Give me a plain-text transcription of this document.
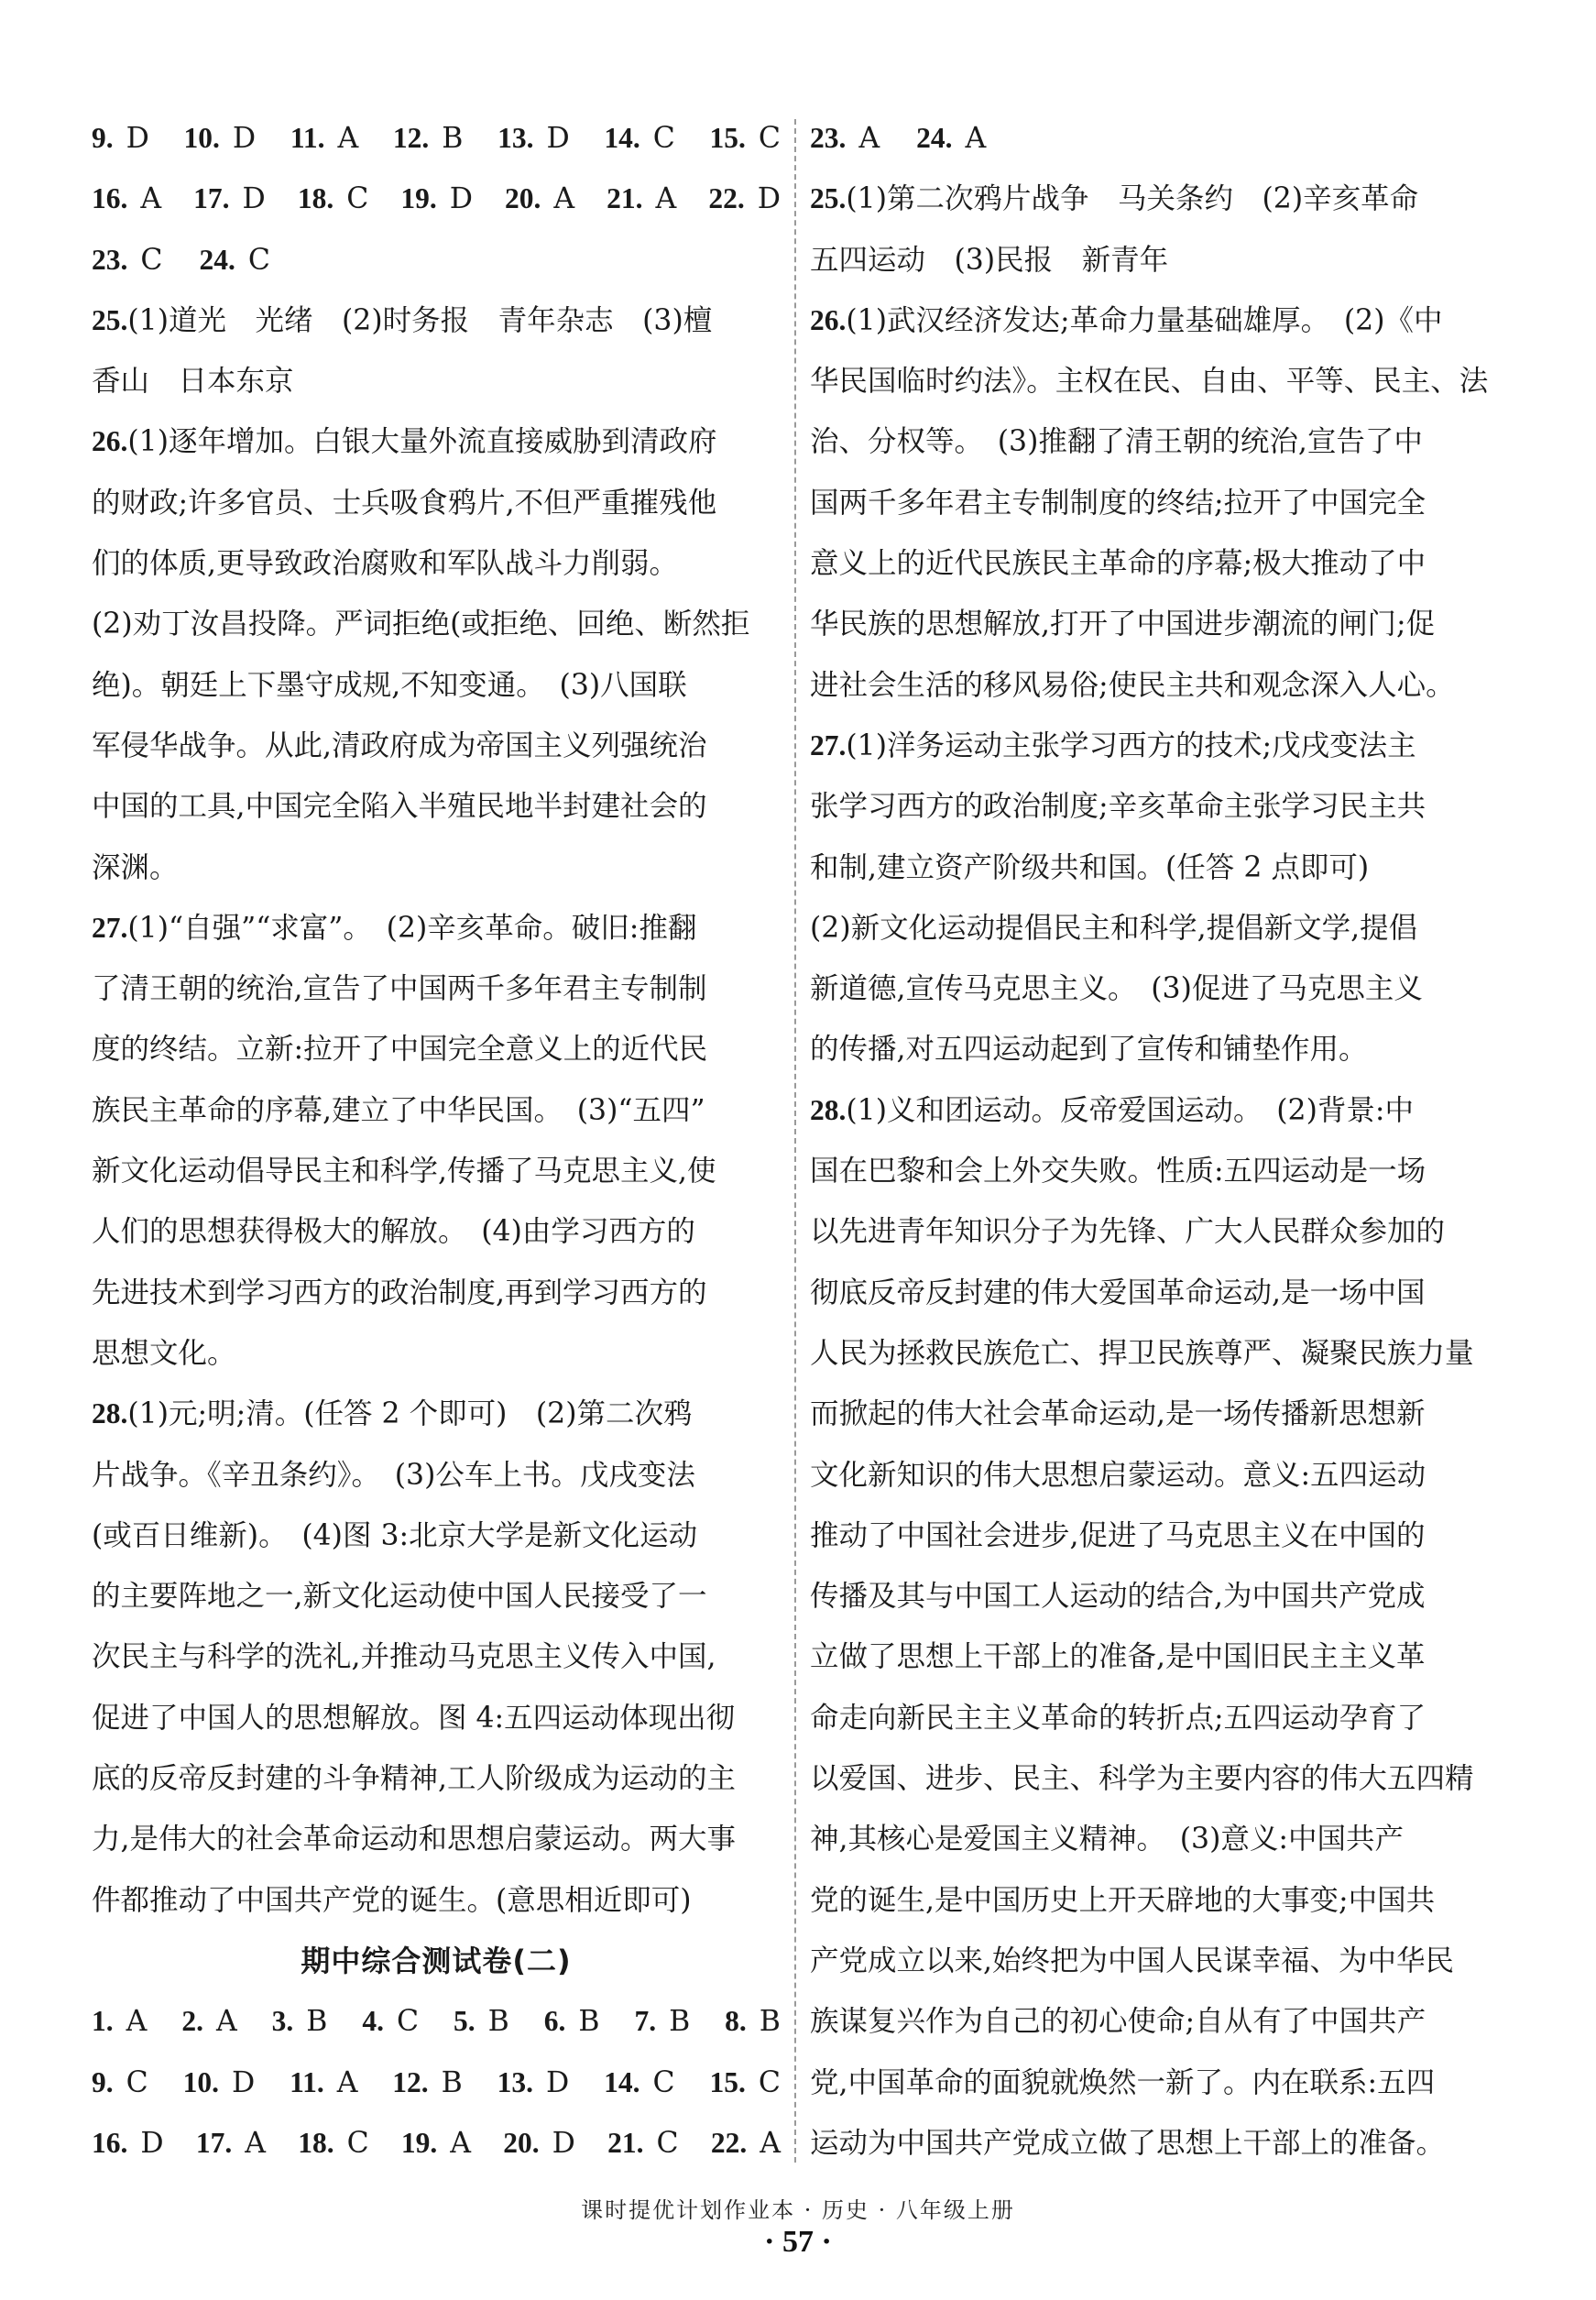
9. D 10. D 11. A 12. B 13. D 14. C 15. C
16. A 17. D 18. C 19. D 20. A 21. A 22. D
23. C 24. C
25.(1)道光　光绪　(2)时务报　青年杂志　(3)檀
香山　日本东京
26.(1)逐年增加。白银大量外流直接威胁到清政府
的财政;许多官员、士兵吸食鸦片,不但严重摧残他
们的体质,更导致政治腐败和军队战斗力削弱。
(2)劝丁汝昌投降。严词拒绝(或拒绝、回绝、断然拒
绝)。朝廷上下墨守成规,不知变通。　(3)八国联
军侵华战争。从此,清政府成为帝国主义列强统治
中国的工具,中国完全陷入半殖民地半封建社会的
深渊。
27.(1)“自强”“求富”。　(2)辛亥革命。破旧:推翻
了清王朝的统治,宣告了中国两千多年君主专制制
度的终结。立新:拉开了中国完全意义上的近代民
族民主革命的序幕,建立了中华民国。　(3)“五四”
新文化运动倡导民主和科学,传播了马克思主义,使
人们的思想获得极大的解放。　(4)由学习西方的
先进技术到学习西方的政治制度,再到学习西方的
思想文化。
28.(1)元;明;清。(任答 2 个即可)　(2)第二次鸦
片战争。《辛丑条约》。　(3)公车上书。戊戌变法
(或百日维新)。　(4)图 3:北京大学是新文化运动
的主要阵地之一,新文化运动使中国人民接受了一
次民主与科学的洗礼,并推动马克思主义传入中国,
促进了中国人的思想解放。图 4:五四运动体现出彻
底的反帝反封建的斗争精神,工人阶级成为运动的主
力,是伟大的社会革命运动和思想启蒙运动。两大事
件都推动了中国共产党的诞生。(意思相近即可)
期中综合测试卷(二)
1. A 2. A 3. B 4. C 5. B 6. B 7. B 8. B
9. C 10. D 11. A 12. B 13. D 14. C 15. C
16. D 17. A 18. C 19. A 20. D 21. C 22. A
23. A 24. A
25.(1)第二次鸦片战争　马关条约　(2)辛亥革命
五四运动　(3)民报　新青年
26.(1)武汉经济发达;革命力量基础雄厚。　(2)《中
华民国临时约法》。主权在民、自由、平等、民主、法
治、分权等。　(3)推翻了清王朝的统治,宣告了中
国两千多年君主专制制度的终结;拉开了中国完全
意义上的近代民族民主革命的序幕;极大推动了中
华民族的思想解放,打开了中国进步潮流的闸门;促
进社会生活的移风易俗;使民主共和观念深入人心。
27.(1)洋务运动主张学习西方的技术;戊戌变法主
张学习西方的政治制度;辛亥革命主张学习民主共
和制,建立资产阶级共和国。(任答 2 点即可)
(2)新文化运动提倡民主和科学,提倡新文学,提倡
新道德,宣传马克思主义。　(3)促进了马克思主义
的传播,对五四运动起到了宣传和铺垫作用。
28.(1)义和团运动。反帝爱国运动。　(2)背景:中
国在巴黎和会上外交失败。性质:五四运动是一场
以先进青年知识分子为先锋、广大人民群众参加的
彻底反帝反封建的伟大爱国革命运动,是一场中国
人民为拯救民族危亡、捍卫民族尊严、凝聚民族力量
而掀起的伟大社会革命运动,是一场传播新思想新
文化新知识的伟大思想启蒙运动。意义:五四运动
推动了中国社会进步,促进了马克思主义在中国的
传播及其与中国工人运动的结合,为中国共产党成
立做了思想上干部上的准备,是中国旧民主主义革
命走向新民主主义革命的转折点;五四运动孕育了
以爱国、进步、民主、科学为主要内容的伟大五四精
神,其核心是爱国主义精神。　(3)意义:中国共产
党的诞生,是中国历史上开天辟地的大事变;中国共
产党成立以来,始终把为中国人民谋幸福、为中华民
族谋复兴作为自己的初心使命;自从有了中国共产
党,中国革命的面貌就焕然一新了。内在联系:五四
运动为中国共产党成立做了思想上干部上的准备。
课时提优计划作业本 · 历史 · 八年级上册
· 57 ·
